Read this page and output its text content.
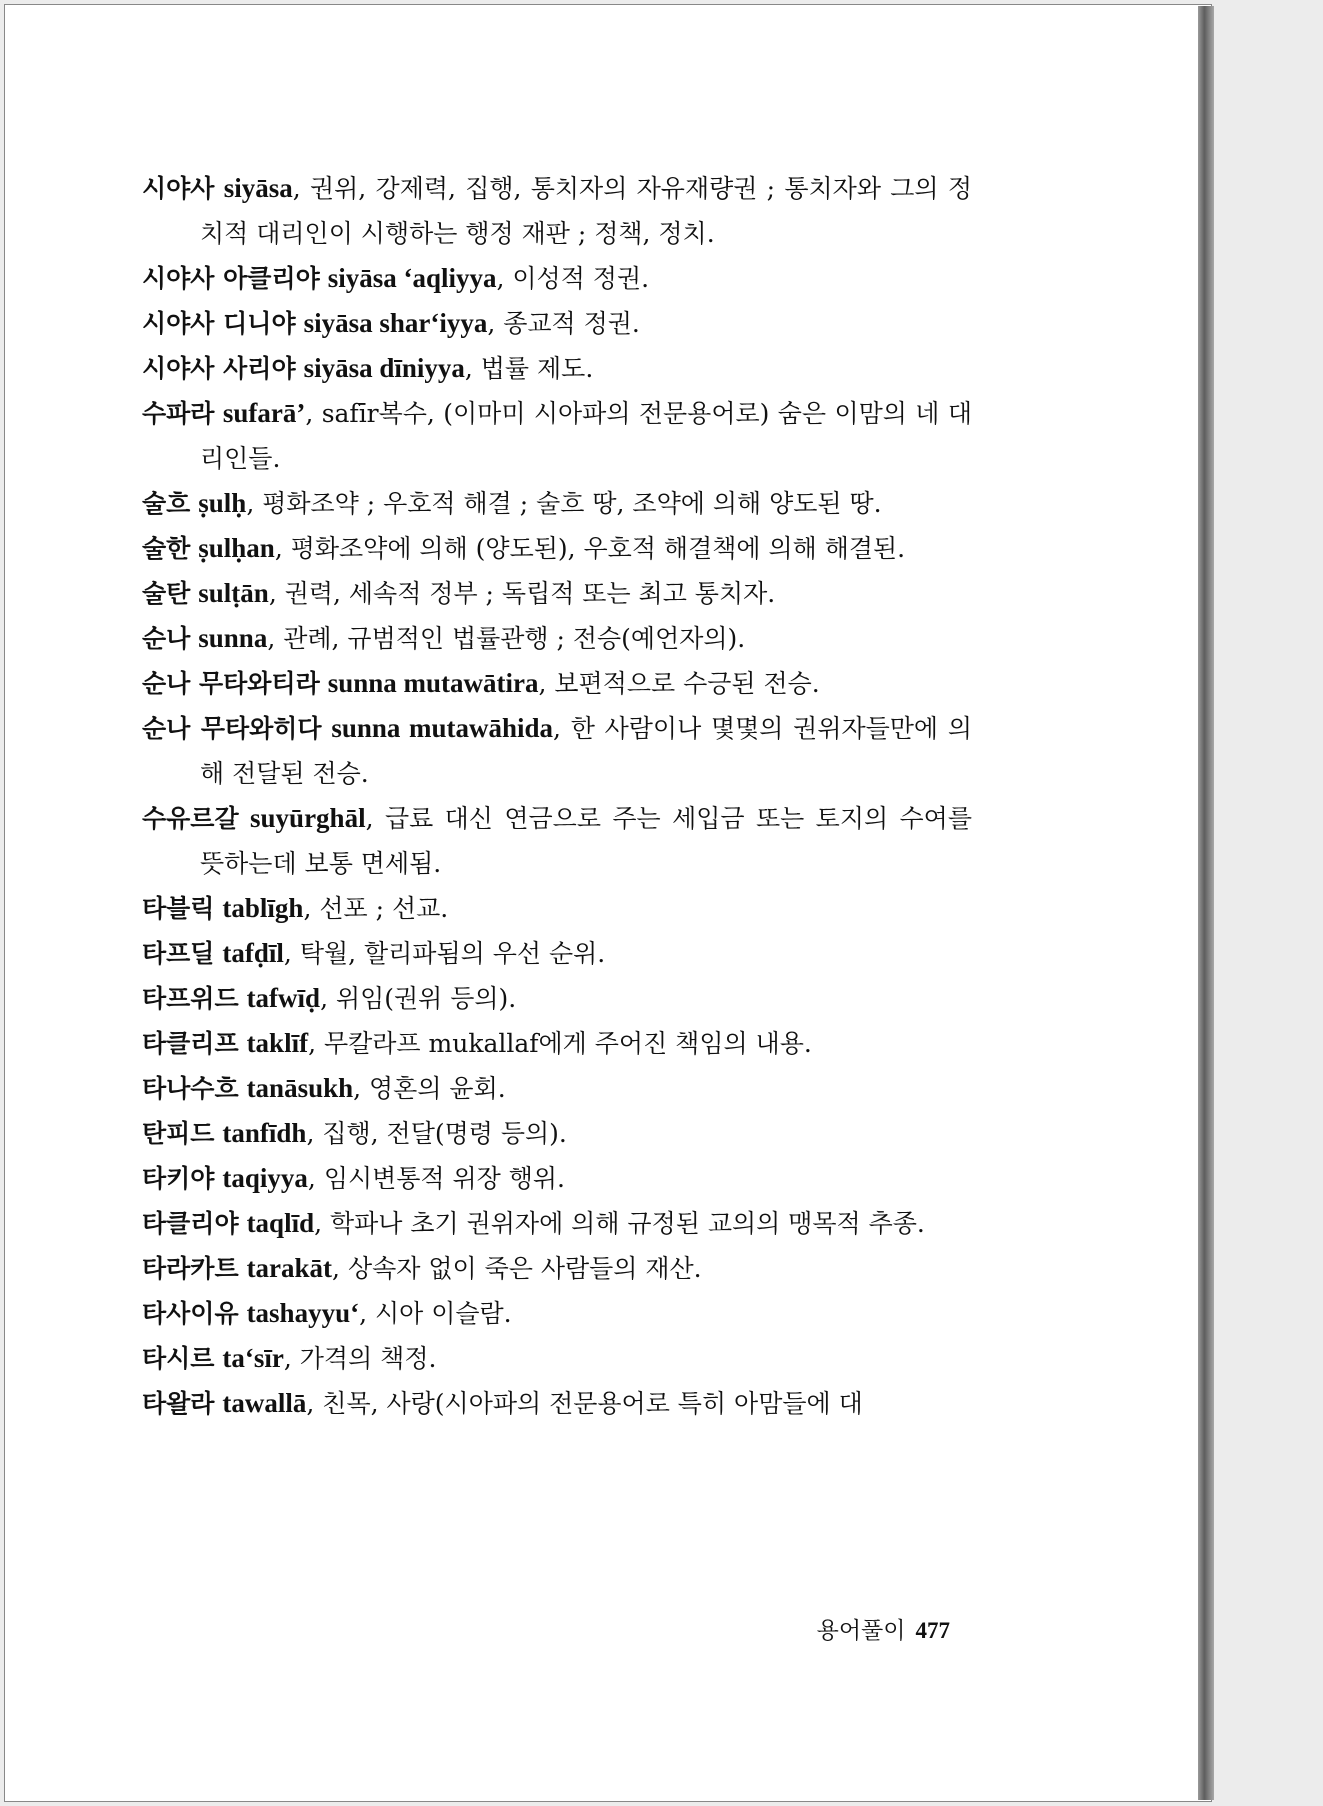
시야사 siyāsa, 권위, 강제력, 집행, 통치자의 자유재량권 ; 통치자와 그의 정치적 대리인이 시행하는 행정 재판 ; 정책, 정치.

시야사 아클리야 siyāsa ‘aqliyya, 이성적 정권.

시야사 디니야 siyāsa shar‘iyya, 종교적 정권.

시야사 사리야 siyāsa dīniyya, 법률 제도.

수파라 sufarā’, safīr복수, (이마미 시아파의 전문용어로) 숨은 이맘의 네 대리인들.

술흐 ṣulḥ, 평화조약 ; 우호적 해결 ; 술흐 땅, 조약에 의해 양도된 땅.

술한 ṣulḥan, 평화조약에 의해 (양도된), 우호적 해결책에 의해 해결된.

술탄 sulṭān, 권력, 세속적 정부 ; 독립적 또는 최고 통치자.

순나 sunna, 관례, 규범적인 법률관행 ; 전승(예언자의).

순나 무타와티라 sunna mutawātira, 보편적으로 수긍된 전승.

순나 무타와히다 sunna mutawāhida, 한 사람이나 몇몇의 권위자들만에 의해 전달된 전승.

수유르갈 suyūrghāl, 급료 대신 연금으로 주는 세입금 또는 토지의 수여를 뜻하는데 보통 면세됨.

타블릭 tablīgh, 선포 ; 선교.

타프딜 tafḍīl, 탁월, 할리파됨의 우선 순위.

타프위드 tafwīḍ, 위임(권위 등의).

타클리프 taklīf, 무칼라프 mukallaf에게 주어진 책임의 내용.

타나수흐 tanāsukh, 영혼의 윤회.

탄피드 tanfīdh, 집행, 전달(명령 등의).

타키야 taqiyya, 임시변통적 위장 행위.

타클리야 taqlīd, 학파나 초기 권위자에 의해 규정된 교의의 맹목적 추종.

타라카트 tarakāt, 상속자 없이 죽은 사람들의 재산.

타사이유 tashayyu‘, 시아 이슬람.

타시르 ta‘sīr, 가격의 책정.

타왈라 tawallā, 친목, 사랑(시아파의 전문용어로 특히 아맘들에 대

용어풀이 477
